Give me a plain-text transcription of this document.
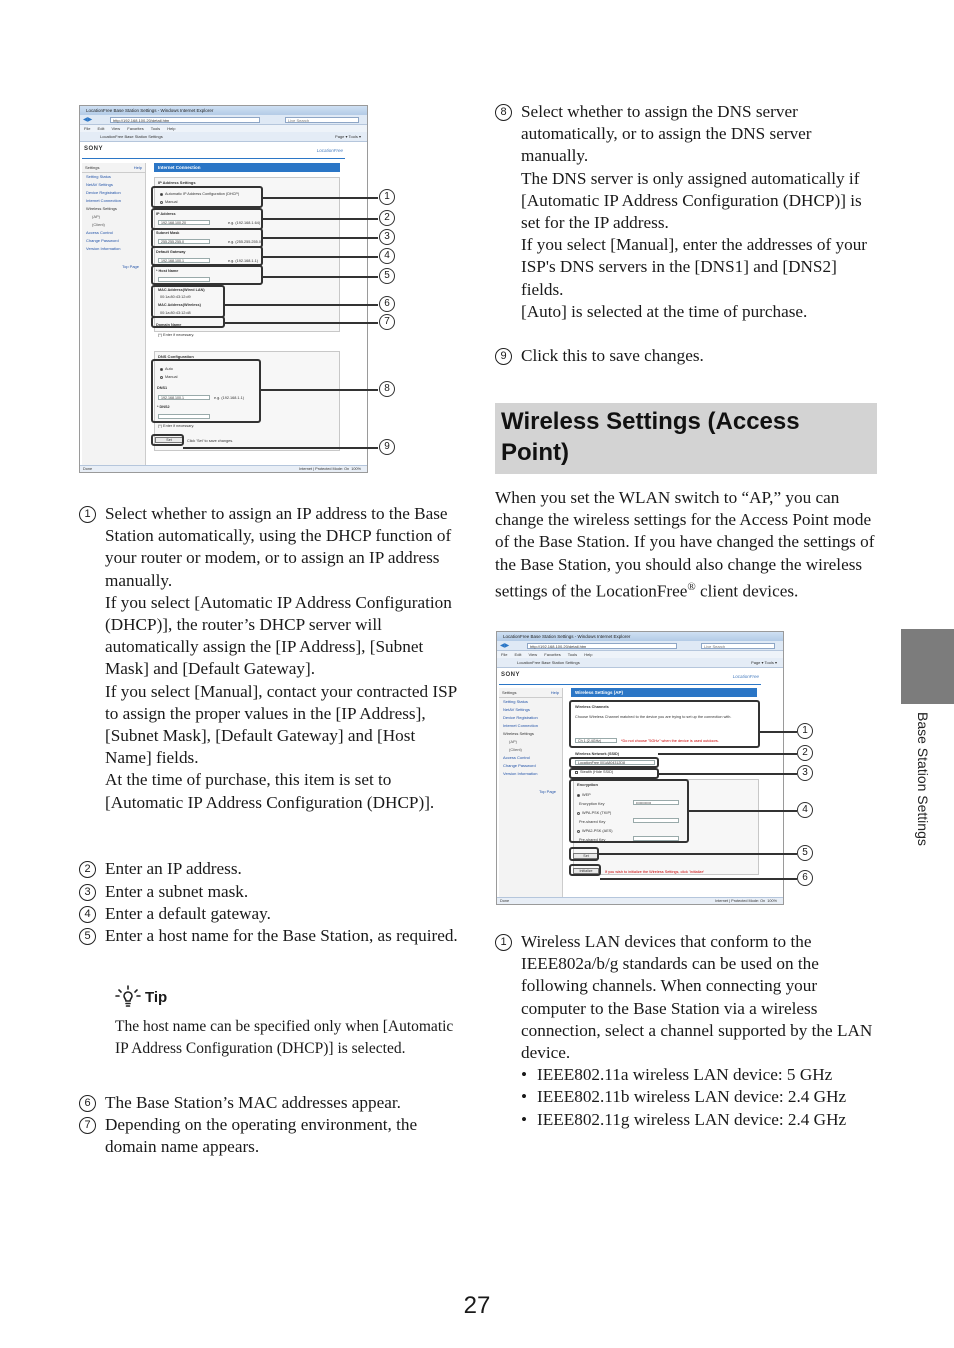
LocationFree Base Station Settings - Windows Internet Explorer
◀▶	http://192.168.100.20/detail.htm	Live Search
File Edit View Favorites Tools Help
LocationFree Base Station Settings	Page ▾ Tools ▾
SONY	LocationFree
Settings	Help
Setting Status
NetAV Settings
Device Registration
Internet Connection
Wireless Settings
(AP)
(Client)
Access Control
Change Password
Version Information
Top Page
Internet Connection
IP Address Settings
Automatic IP Address Configuration (DHCP)
Manual
IP Address
192.168.100.20	e.g. (192.168.1.64)
Subnet Mask
255.255.255.0	e.g. (255.255.255.0)
Default Gateway
192.168.100.1	e.g. (192.168.1.1)
* Host Name
MAC Address(Wired LAN)
00:1a:80:43:12:d9
MAC Address(Wireless)
00:1a:80:43:12:d8
Domain Name
(*) Enter if necessary.
DNS Configuration
Auto
Manual
DNS1
192.168.100.1	e.g. (192.168.1.1)
* DNS2
(*) Enter if necessary.
Set	Click 'Set' to save changes.
Done	Internet | Protected Mode: On 100%
1
2
3
4
5
6
7
8
9
1 Select whether to assign an IP address to the Base Station automatically, using the DHCP function of your router or modem, or to assign an IP address manually.

If you select [Automatic IP Address Configuration (DHCP)], the router’s DHCP server will automatically assign the [IP Address], [Subnet Mask] and [Default Gateway].

If you select [Manual], contact your contracted ISP to assign the proper values in the [IP Address], [Subnet Mask], [Default Gateway] and [Host Name] fields.

At the time of purchase, this item is set to [Automatic IP Address Configuration (DHCP)].

2 Enter an IP address.

3 Enter a subnet mask.

4 Enter a default gateway.

5 Enter a host name for the Base Station, as required.

6 The Base Station’s MAC addresses appear.

7 Depending on the operating environment, the domain name appears.

Tip
The host name can be specified only when [Automatic IP Address Configuration (DHCP)] is selected.
8 Select whether to assign the DNS server automatically, or to assign the DNS server manually.

The DNS server is only assigned automatically if [Automatic IP Address Configuration (DHCP)] is set for the IP address.

If you select [Manual], enter the addresses of your ISP's DNS servers in the [DNS1] and [DNS2] fields.

[Auto] is selected at the time of purchase.

9 Click this to save changes.

Wireless Settings (Access Point)
When you set the WLAN switch to “AP,” you can change the wireless settings for the Access Point mode of the Base Station. If you have changed the settings of the Base Station, you should also change the wireless settings of the LocationFree® client devices.
LocationFree Base Station Settings - Windows Internet Explorer
◀▶	http://192.168.100.20/detail.htm	Live Search
File Edit View Favorites Tools Help
LocationFree Base Station Settings	Page ▾ Tools ▾
SONY	LocationFree
Settings	Help
Setting Status
NetAV Settings
Device Registration
Internet Connection
Wireless Settings
(AP)
(Client)
Access Control
Change Password
Version Information
Top Page
Wireless Settings (AP)
Wireless Channels
Choose Wireless Channel matched to the device you are trying to set up the connection with.
Ch 1 (2.4GHz)	*Do not choose "5GHz" when the device is used outdoors.
Wireless Network (SSID)
LocationFree 001A804312D8
Stealth (Hide SSID)
Encryption
WEP
Encryption Key	••••••••••••
WPA-PSK (TKIP)
Pre-shared Key
WPA2-PSK (AES)
Pre-shared Key
Set
Initialize	If you wish to initialize the Wireless Settings, click 'Initialize'
Done	Internet | Protected Mode: On 100%
1
2
3
4
5
6
1 Wireless LAN devices that conform to the IEEE802a/b/g standards can be used on the following channels. When connecting your computer to the Base Station via a wireless connection, select a channel supported by the LAN device.

• IEEE802.11a wireless LAN device: 5 GHz
• IEEE802.11b wireless LAN device: 2.4 GHz
• IEEE802.11g wireless LAN device: 2.4 GHz
Base Station Settings
27
